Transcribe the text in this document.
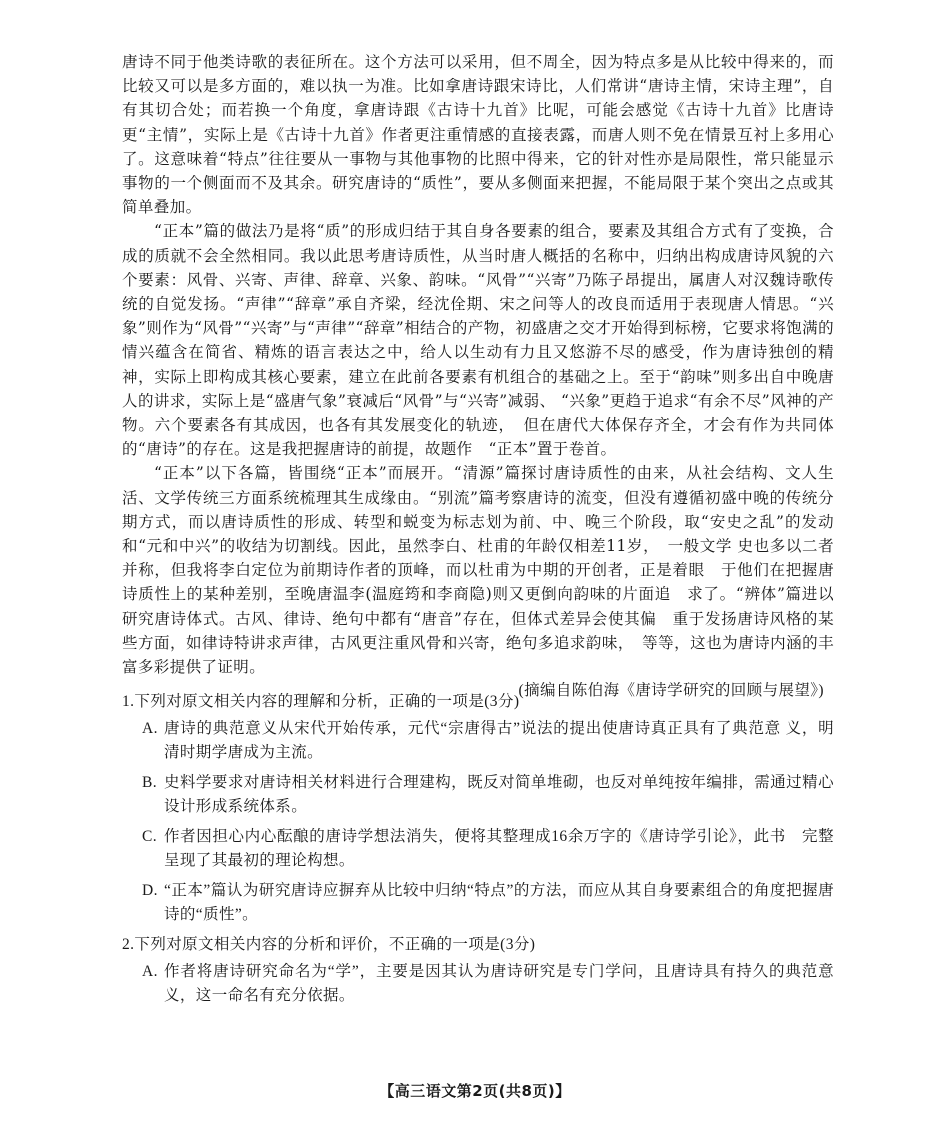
唐诗不同于他类诗歌的表征所在。这个方法可以采用，但不周全，因为特点多是从比较中得来的，而比较又可以是多方面的，难以执一为准。比如拿唐诗跟宋诗比，人们常讲“唐诗主情，宋诗主理”，自有其切合处；而若换一个角度，拿唐诗跟《古诗十九首》比呢，可能会感觉《古诗十九首》比唐诗更“主情”，实际上是《古诗十九首》作者更注重情感的直接表露，而唐人则不免在情景互衬上多用心了。这意味着“特点”往往要从一事物与其他事物的比照中得来，它的针对性亦是局限性，常只能显示事物的一个侧面而不及其余。研究唐诗的“质性”，要从多侧面来把握，不能局限于某个突出之点或其简单叠加。

“正本”篇的做法乃是将“质”的形成归结于其自身各要素的组合，要素及其组合方式有了变换，合成的质就不会全然相同。我以此思考唐诗质性，从当时唐人概括的名称中，归纳出构成唐诗风貌的六个要素：风骨、兴寄、声律、辞章、兴象、韵味。“风骨”“兴寄”乃陈子昂提出，属唐人对汉魏诗歌传统的自觉发扬。“声律”“辞章”承自齐梁，经沈佺期、宋之问等人的改良而适用于表现唐人情思。“兴象”则作为“风骨”“兴寄”与“声律”“辞章”相结合的产物，初盛唐之交才开始得到标榜，它要求将饱满的情兴蕴含在简省、精炼的语言表达之中，给人以生动有力且又悠游不尽的感受，作为唐诗独创的精神，实际上即构成其核心要素，建立在此前各要素有机组合的基础之上。至于“韵味”则多出自中晚唐人的讲求，实际上是“盛唐气象”衰减后“风骨”与“兴寄”减弱、 “兴象”更趋于追求“有余不尽”风神的产物。六个要素各有其成因，也各有其发展变化的轨迹，　但在唐代大体保存齐全，才会有作为共同体的“唐诗”的存在。这是我把握唐诗的前提，故题作　“正本”置于卷首。

“正本”以下各篇，皆围绕“正本”而展开。“清源”篇探讨唐诗质性的由来，从社会结构、文人生活、文学传统三方面系统梳理其生成缘由。“别流”篇考察唐诗的流变，但没有遵循初盛中晚的传统分期方式，而以唐诗质性的形成、转型和蜕变为标志划为前、中、晚三个阶段，取“安史之乱”的发动和“元和中兴”的收结为切割线。因此，虽然李白、杜甫的年龄仅相差11岁，　一般文学 史也多以二者并称，但我将李白定位为前期诗作者的顶峰，而以杜甫为中期的开创者，正是着眼　于他们在把握唐诗质性上的某种差别，至晚唐温李(温庭筠和李商隐)则又更倒向韵味的片面追　求了。“辨体”篇进以研究唐诗体式。古风、律诗、绝句中都有“唐音”存在，但体式差异会使其偏　重于发扬唐诗风格的某些方面，如律诗特讲求声律，古风更注重风骨和兴寄，绝句多追求韵味，　等等，这也为唐诗内涵的丰富多彩提供了证明。

(摘编自陈伯海《唐诗学研究的回顾与展望》)

1.下列对原文相关内容的理解和分析，正确的一项是(3分)

A. 唐诗的典范意义从宋代开始传承，元代“宗唐得古”说法的提出使唐诗真正具有了典范意 义，明清时期学唐成为主流。
B. 史料学要求对唐诗相关材料进行合理建构，既反对简单堆砌，也反对单纯按年编排，需通过精心设计形成系统体系。
C. 作者因担心内心酝酿的唐诗学想法消失，便将其整理成16余万字的《唐诗学引论》，此书　完整呈现了其最初的理论构想。
D. “正本”篇认为研究唐诗应摒弃从比较中归纳“特点”的方法，而应从其自身要素组合的角度把握唐诗的“质性”。

2.下列对原文相关内容的分析和评价，不正确的一项是(3分)

A. 作者将唐诗研究命名为“学”，主要是因其认为唐诗研究是专门学问，且唐诗具有持久的典范意义，这一命名有充分依据。
【高三语文第2页(共8页)】
